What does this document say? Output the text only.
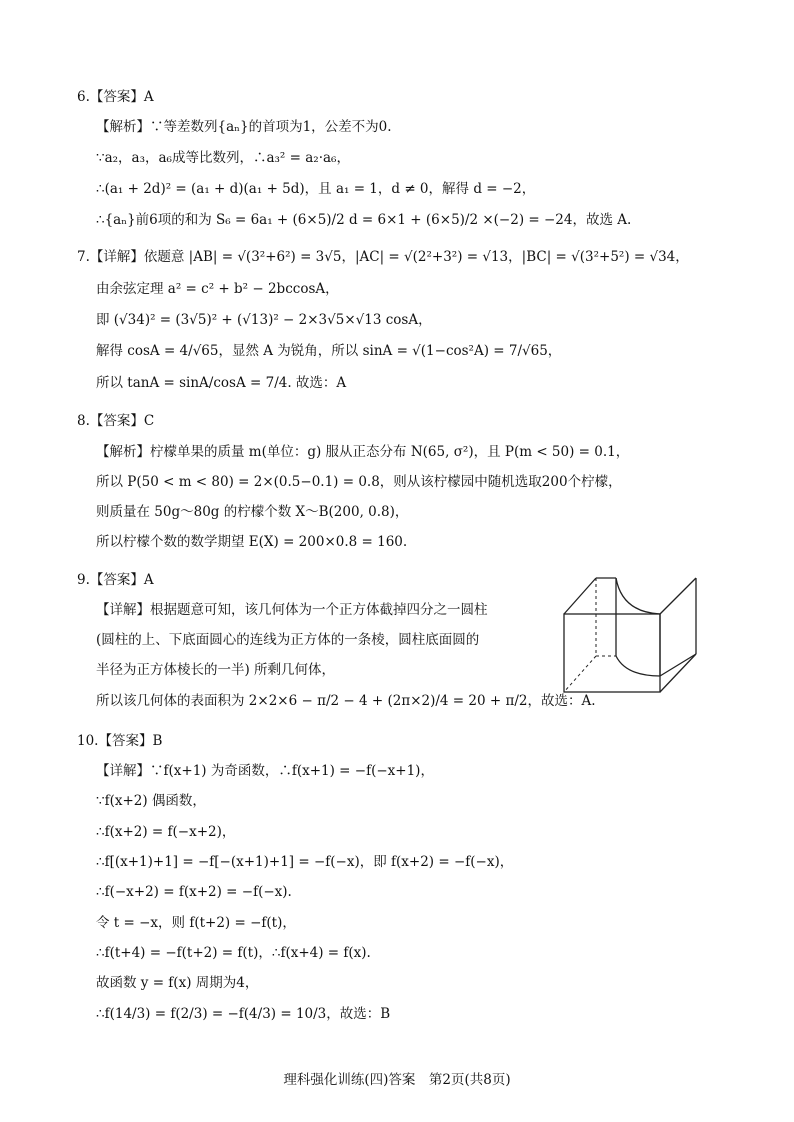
6.【答案】A
【解析】∵等差数列{aₙ}的首项为1，公差不为0.
∵a₂，a₃，a₆成等比数列，∴a₃² = a₂·a₆，
∴(a₁ + 2d)² = (a₁ + d)(a₁ + 5d)，且 a₁ = 1，d ≠ 0，解得 d = −2，
∴{aₙ}前6项的和为 S₆ = 6a₁ + (6×5)/2 d = 6×1 + (6×5)/2 ×(−2) = −24，故选 A.
7.【详解】依题意 |AB| = √(3²+6²) = 3√5，|AC| = √(2²+3²) = √13，|BC| = √(3²+5²) = √34，
由余弦定理 a² = c² + b² − 2bccosA，
即 (√34)² = (3√5)² + (√13)² − 2×3√5×√13 cosA，
解得 cosA = 4/√65，显然 A 为锐角，所以 sinA = √(1−cos²A) = 7/√65，
所以 tanA = sinA/cosA = 7/4. 故选：A
8.【答案】C
【解析】柠檬单果的质量 m(单位：g) 服从正态分布 N(65, σ²)，且 P(m < 50) = 0.1，
所以 P(50 < m < 80) = 2×(0.5−0.1) = 0.8，则从该柠檬园中随机选取200个柠檬，
则质量在 50g～80g 的柠檬个数 X～B(200, 0.8)，
所以柠檬个数的数学期望 E(X) = 200×0.8 = 160.
9.【答案】A
【详解】根据题意可知，该几何体为一个正方体截掉四分之一圆柱
(圆柱的上、下底面圆心的连线为正方体的一条棱，圆柱底面圆的
半径为正方体棱长的一半) 所剩几何体，
所以该几何体的表面积为 2×2×6 − π/2 − 4 + (2π×2)/4 = 20 + π/2，故选：A.
10.【答案】B
【详解】∵f(x+1) 为奇函数，∴f(x+1) = −f(−x+1)，
∵f(x+2) 偶函数，
∴f(x+2) = f(−x+2)，
∴f[(x+1)+1] = −f[−(x+1)+1] = −f(−x)，即 f(x+2) = −f(−x)，
∴f(−x+2) = f(x+2) = −f(−x).
令 t = −x，则 f(t+2) = −f(t)，
∴f(t+4) = −f(t+2) = f(t)，∴f(x+4) = f(x).
故函数 y = f(x) 周期为4，
∴f(14/3) = f(2/3) = −f(4/3) = 10/3，故选：B
理科强化训练(四)答案　第2页(共8页)
